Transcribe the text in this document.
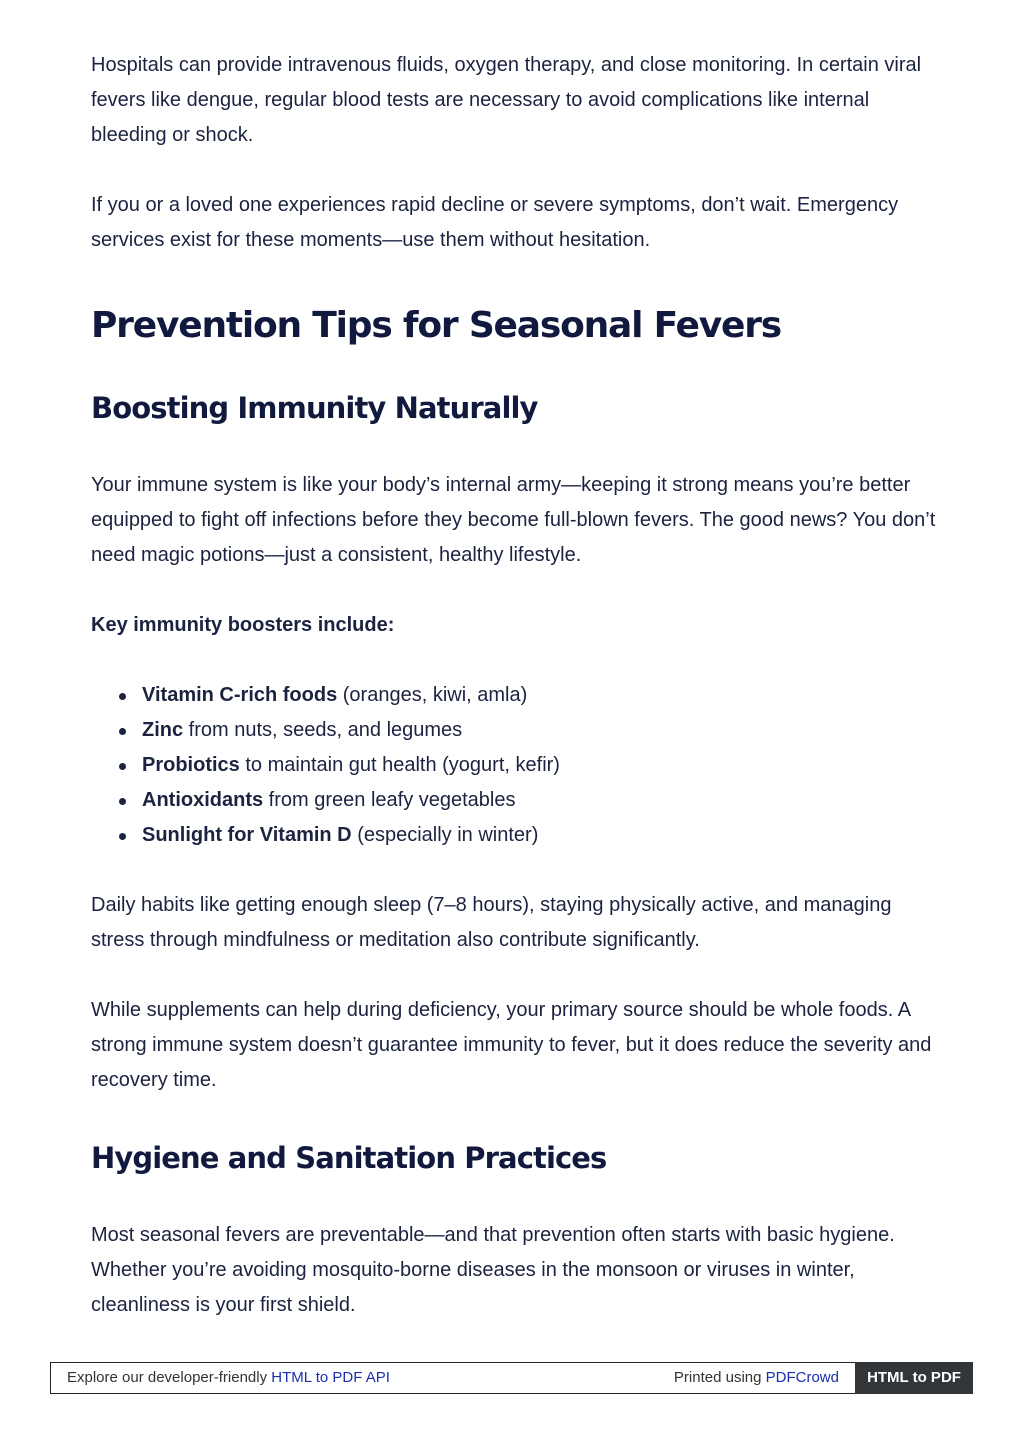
Hospitals can provide intravenous fluids, oxygen therapy, and close monitoring. In certain viral fevers like dengue, regular blood tests are necessary to avoid complications like internal bleeding or shock.

If you or a loved one experiences rapid decline or severe symptoms, don’t wait. Emergency services exist for these moments—use them without hesitation.

Prevention Tips for Seasonal Fevers
Boosting Immunity Naturally

Your immune system is like your body’s internal army—keeping it strong means you’re better equipped to fight off infections before they become full-blown fevers. The good news? You don’t need magic potions—just a consistent, healthy lifestyle.

Key immunity boosters include:

Vitamin C-rich foods (oranges, kiwi, amla)
Zinc from nuts, seeds, and legumes
Probiotics to maintain gut health (yogurt, kefir)
Antioxidants from green leafy vegetables
Sunlight for Vitamin D (especially in winter)

Daily habits like getting enough sleep (7–8 hours), staying physically active, and managing stress through mindfulness or meditation also contribute significantly.

While supplements can help during deficiency, your primary source should be whole foods. A strong immune system doesn’t guarantee immunity to fever, but it does reduce the severity and recovery time.

Hygiene and Sanitation Practices

Most seasonal fevers are preventable—and that prevention often starts with basic hygiene. Whether you’re avoiding mosquito-borne diseases in the monsoon or viruses in winter, cleanliness is your first shield.

Explore our developer-friendly HTML to PDF API	Printed using PDFCrowd	HTML to PDF
